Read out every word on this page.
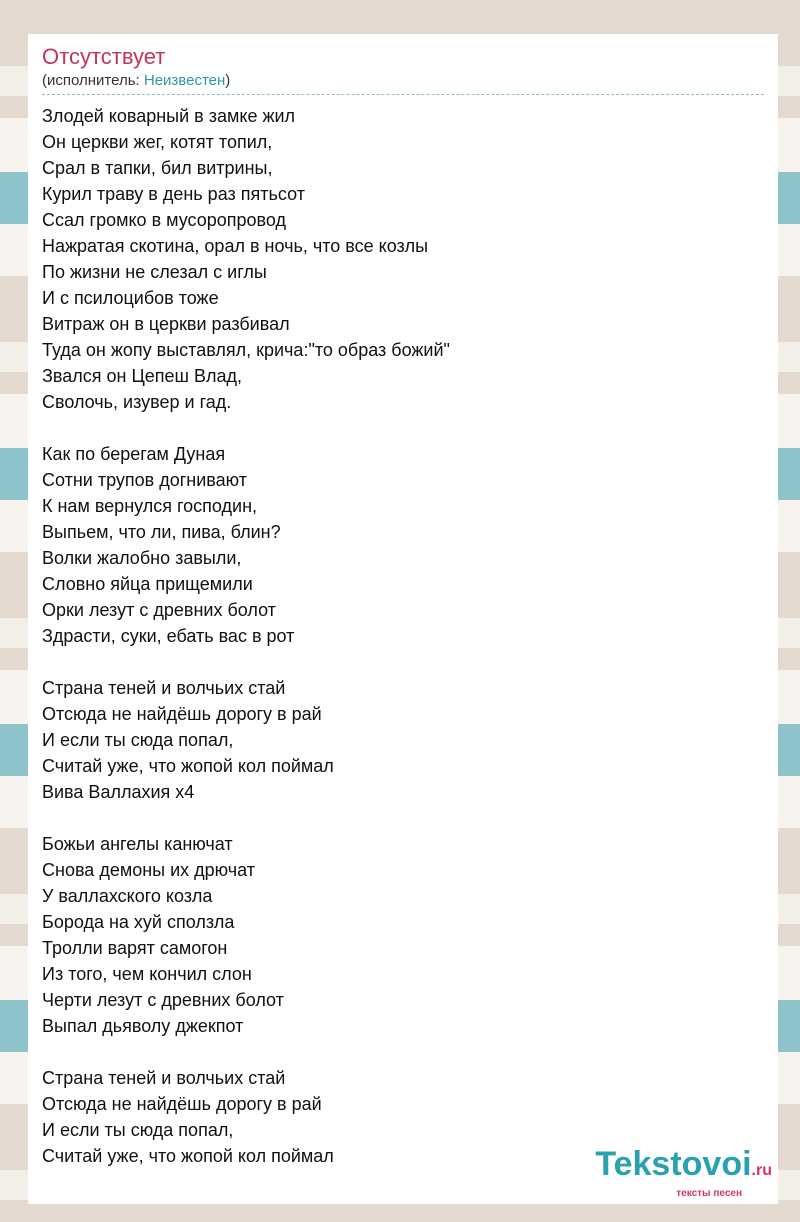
Отсутствует
(исполнитель: Неизвестен)
Злодей коварный в замке жил
Он церкви жег, котят топил,
Срал в тапки, бил витрины,
Курил траву в день раз пятьсот
Ссал громко в мусоропровод
Нажратая скотина, орал в ночь, что все козлы
По жизни не слезал с иглы
И с псилоцибов тоже
Витраж он в церкви разбивал
Туда он жопу выставлял, крича:"то образ божий"
Звался он Цепеш Влад,
Сволочь, изувер и гад.
Как по берегам Дуная
Сотни трупов догнивают
К нам вернулся господин,
Выпьем, что ли, пива, блин?
Волки жалобно завыли,
Словно яйца прищемили
Орки лезут с древних болот
Здрасти, суки, ебать вас в рот
Страна теней и волчьих стай
Отсюда не найдёшь дорогу в рай
И если ты сюда попал,
Считай уже, что жопой кол поймал
Вива Валлахия x4
Божьи ангелы канючат
Снова демоны их дрючат
У валлахского козла
Борода на хуй сползла
Тролли варят самогон
Из того, чем кончил слон
Черти лезут с древних болот
Выпал дьяволу джекпот
Страна теней и волчьих стай
Отсюда не найдёшь дорогу в рай
И если ты сюда попал,
Считай уже, что жопой кол поймал	Tekstovoi.ru
тексты песен
